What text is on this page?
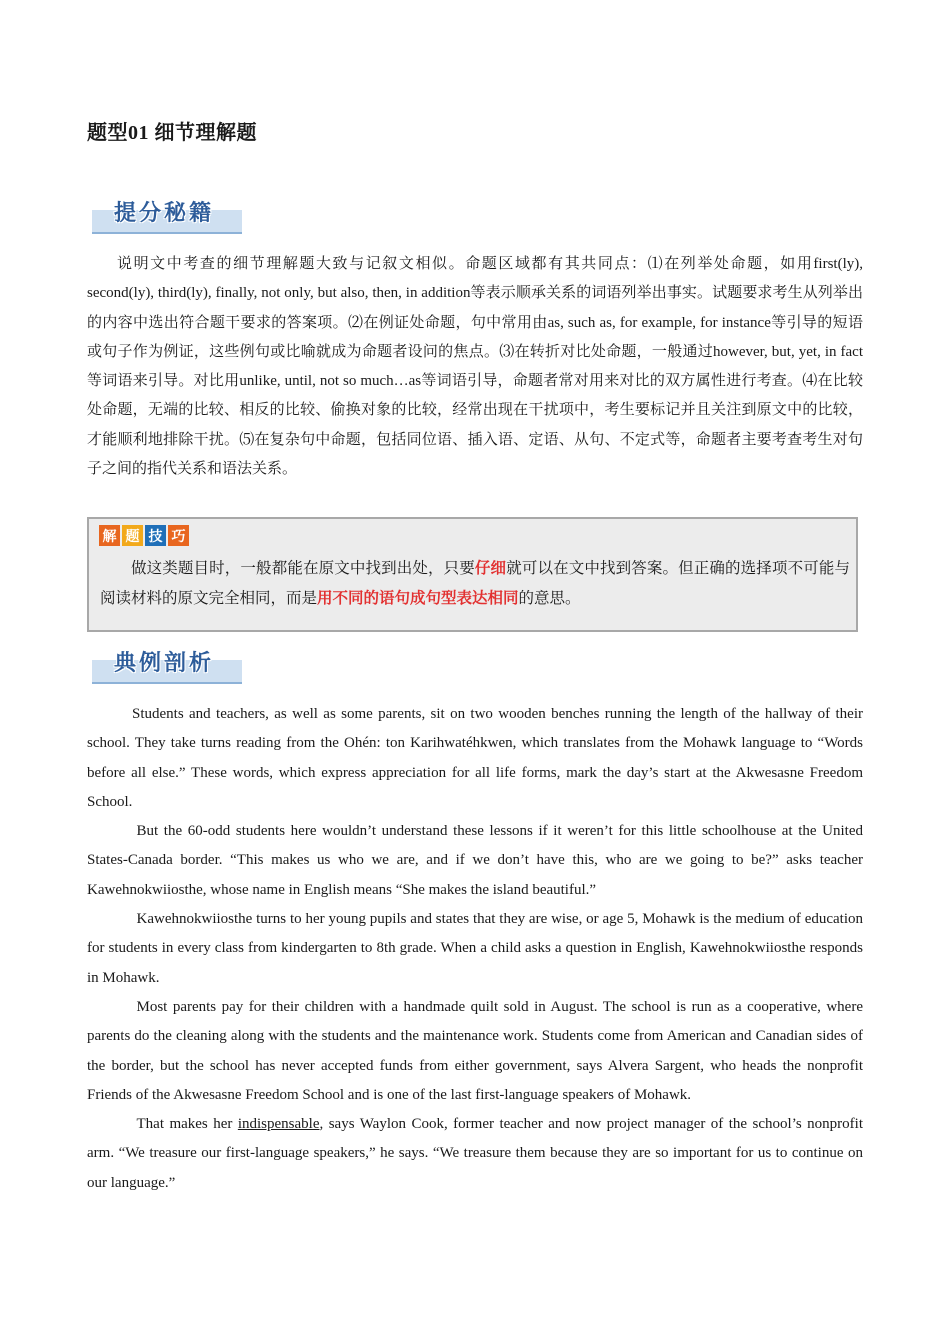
题型01 细节理解题
提分秘籍

说明文中考查的细节理解题大致与记叙文相似。命题区域都有其共同点：⑴在列举处命题，如用first(ly), second(ly), third(ly), finally, not only, but also, then, in addition等表示顺承关系的词语列举出事实。试题要求考生从列举出的内容中选出符合题干要求的答案项。⑵在例证处命题，句中常用由as, such as, for example, for instance等引导的短语或句子作为例证，这些例句或比喻就成为命题者设问的焦点。⑶在转折对比处命题，一般通过however, but, yet, in fact等词语来引导。对比用unlike, until, not so much…as等词语引导，命题者常对用来对比的双方属性进行考查。⑷在比较处命题，无端的比较、相反的比较、偷换对象的比较，经常出现在干扰项中，考生要标记并且关注到原文中的比较，才能顺利地排除干扰。⑸在复杂句中命题，包括同位语、插入语、定语、从句、不定式等，命题者主要考查考生对句子之间的指代关系和语法关系。

解 题 技 巧

做这类题目时，一般都能在原文中找到出处，只要仔细就可以在文中找到答案。但正确的选择项不可能与阅读材料的原文完全相同，而是用不同的语句成句型表达相同的意思。

典例剖析

Students and teachers, as well as some parents, sit on two wooden benches running the length of the hallway of their school. They take turns reading from the Ohén: ton Karihwatéhkwen, which translates from the Mohawk language to “Words before all else.” These words, which express appreciation for all life forms, mark the day’s start at the Akwesasne Freedom School.

But the 60-odd students here wouldn’t understand these lessons if it weren’t for this little schoolhouse at the United States-Canada border. “This makes us who we are, and if we don’t have this, who are we going to be?” asks teacher Kawehnokwiiosthe, whose name in English means “She makes the island beautiful.”

Kawehnokwiiosthe turns to her young pupils and states that they are wise, or age 5, Mohawk is the medium of education for students in every class from kindergarten to 8th grade. When a child asks a question in English, Kawehnokwiiosthe responds in Mohawk.

Most parents pay for their children with a handmade quilt sold in August. The school is run as a cooperative, where parents do the cleaning along with the students and the maintenance work. Students come from American and Canadian sides of the border, but the school has never accepted funds from either government, says Alvera Sargent, who heads the nonprofit Friends of the Akwesasne Freedom School and is one of the last first-language speakers of Mohawk.

That makes her indispensable, says Waylon Cook, former teacher and now project manager of the school’s nonprofit arm. “We treasure our first-language speakers,” he says. “We treasure them because they are so important for us to continue on our language.”
